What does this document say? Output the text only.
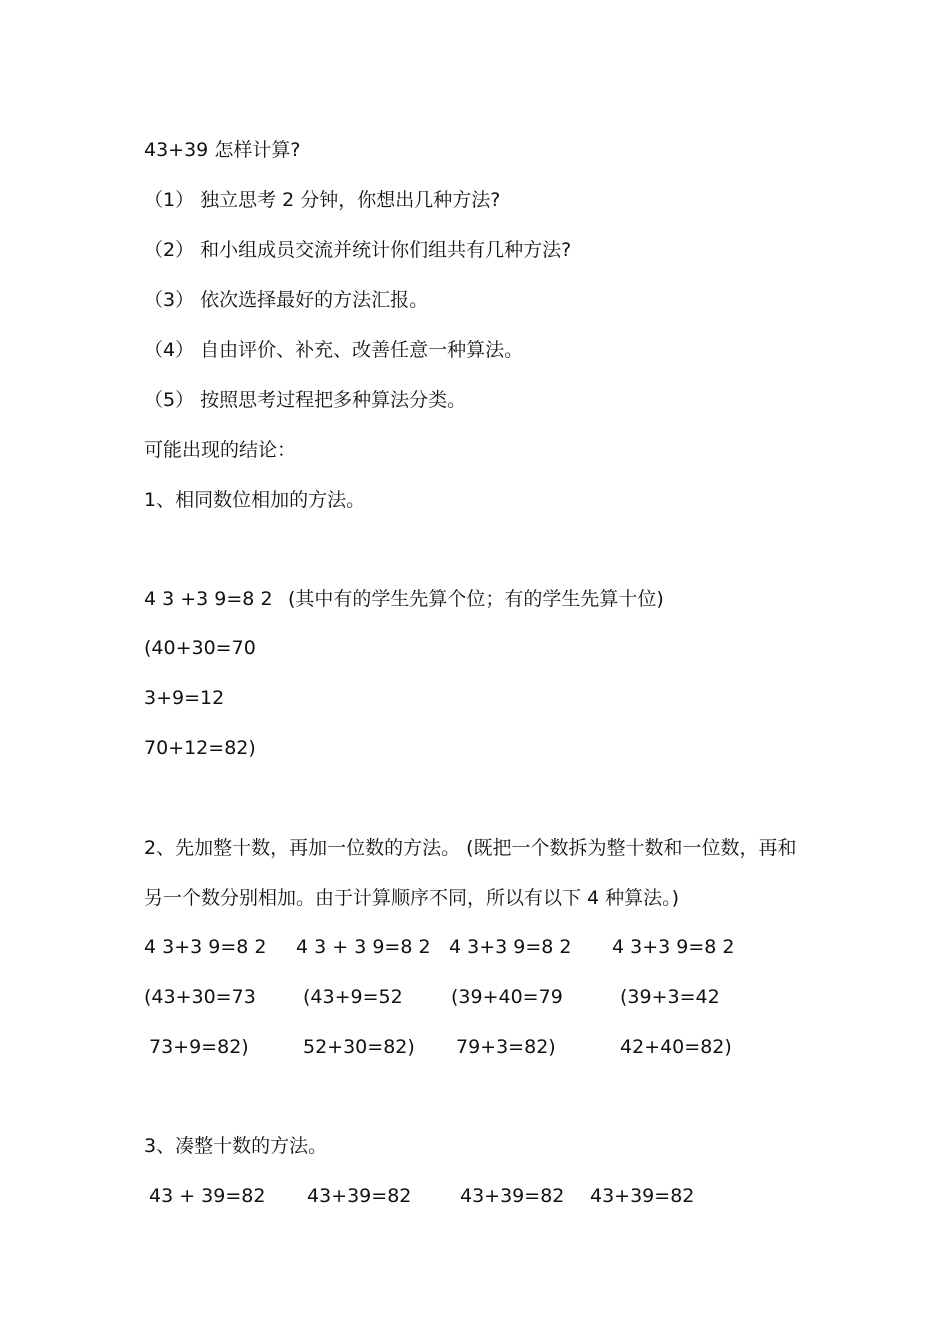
43+39 怎样计算?
（1） 独立思考 2 分钟，你想出几种方法?
（2） 和小组成员交流并统计你们组共有几种方法?
（3） 依次选择最好的方法汇报。
（4） 自由评价、补充、改善任意一种算法。
（5） 按照思考过程把多种算法分类。
可能出现的结论：
1、相同数位相加的方法。
4 3 +3 9=8 2 (其中有的学生先算个位；有的学生先算十位)
(40+30=70
3+9=12
70+12=82)
2、先加整十数，再加一位数的方法。 (既把一个数拆为整十数和一位数，再和
另一个数分别相加。由于计算顺序不同，所以有以下 4 种算法。)
4 3+3 9=8 2 4 3 + 3 9=8 2 4 3+3 9=8 2 4 3+3 9=8 2
(43+30=73 (43+9=52	(39+40=79	(39+3=42
73+9=82)	52+30=82) 79+3=82)	42+40=82)
3、凑整十数的方法。
43 + 39=82 43+39=82	43+39=82 43+39=82
